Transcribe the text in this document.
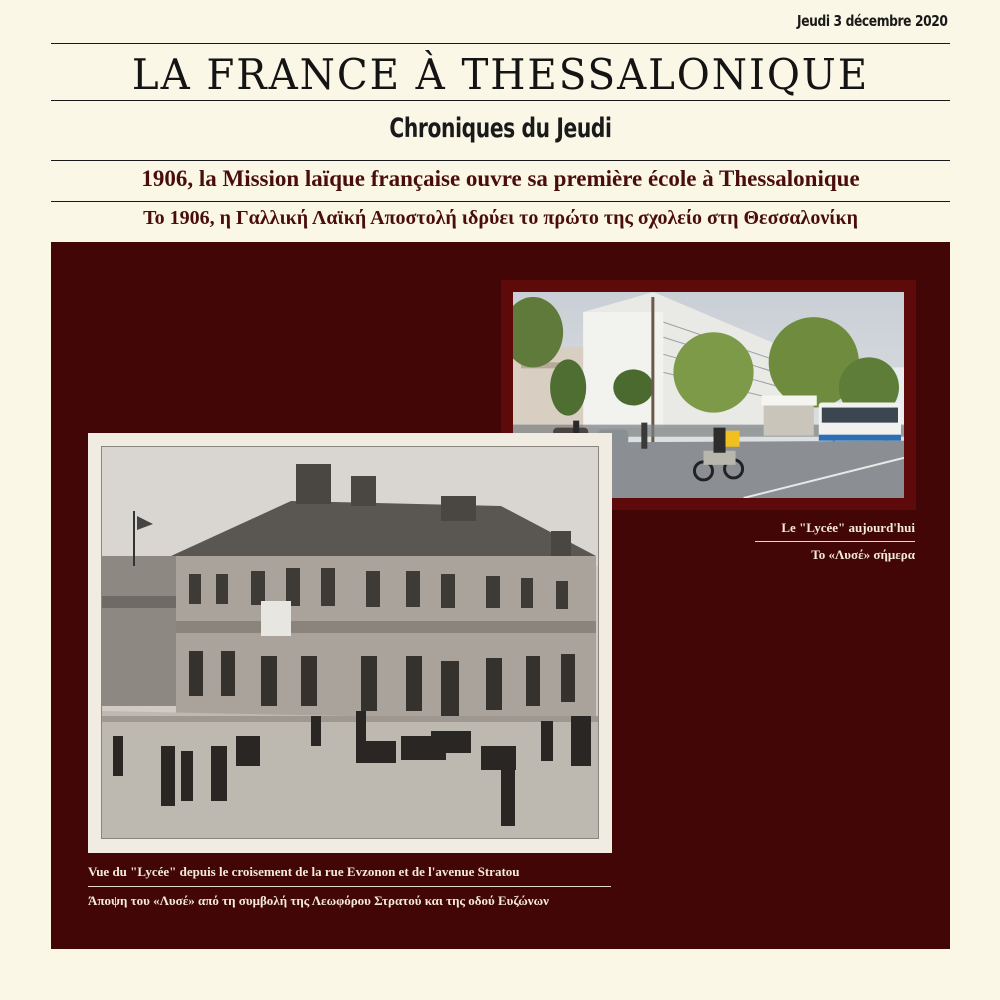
Jeudi 3 décembre 2020
LA FRANCE À THESSALONIQUE
Chroniques du Jeudi
1906, la Mission laïque française ouvre sa première école à Thessalonique
Το 1906, η Γαλλική Λαϊκή Αποστολή ιδρύει το πρώτο της σχολείο στη Θεσσαλονίκη
Le "Lycée" aujourd'hui
Το «Λυσέ» σήμερα
Vue du "Lycée" depuis le croisement de la rue Evzonon et de l'avenue Stratou
Άποψη του «Λυσέ» από τη συμβολή της Λεωφόρου Στρατού και της οδού Ευζώνων
